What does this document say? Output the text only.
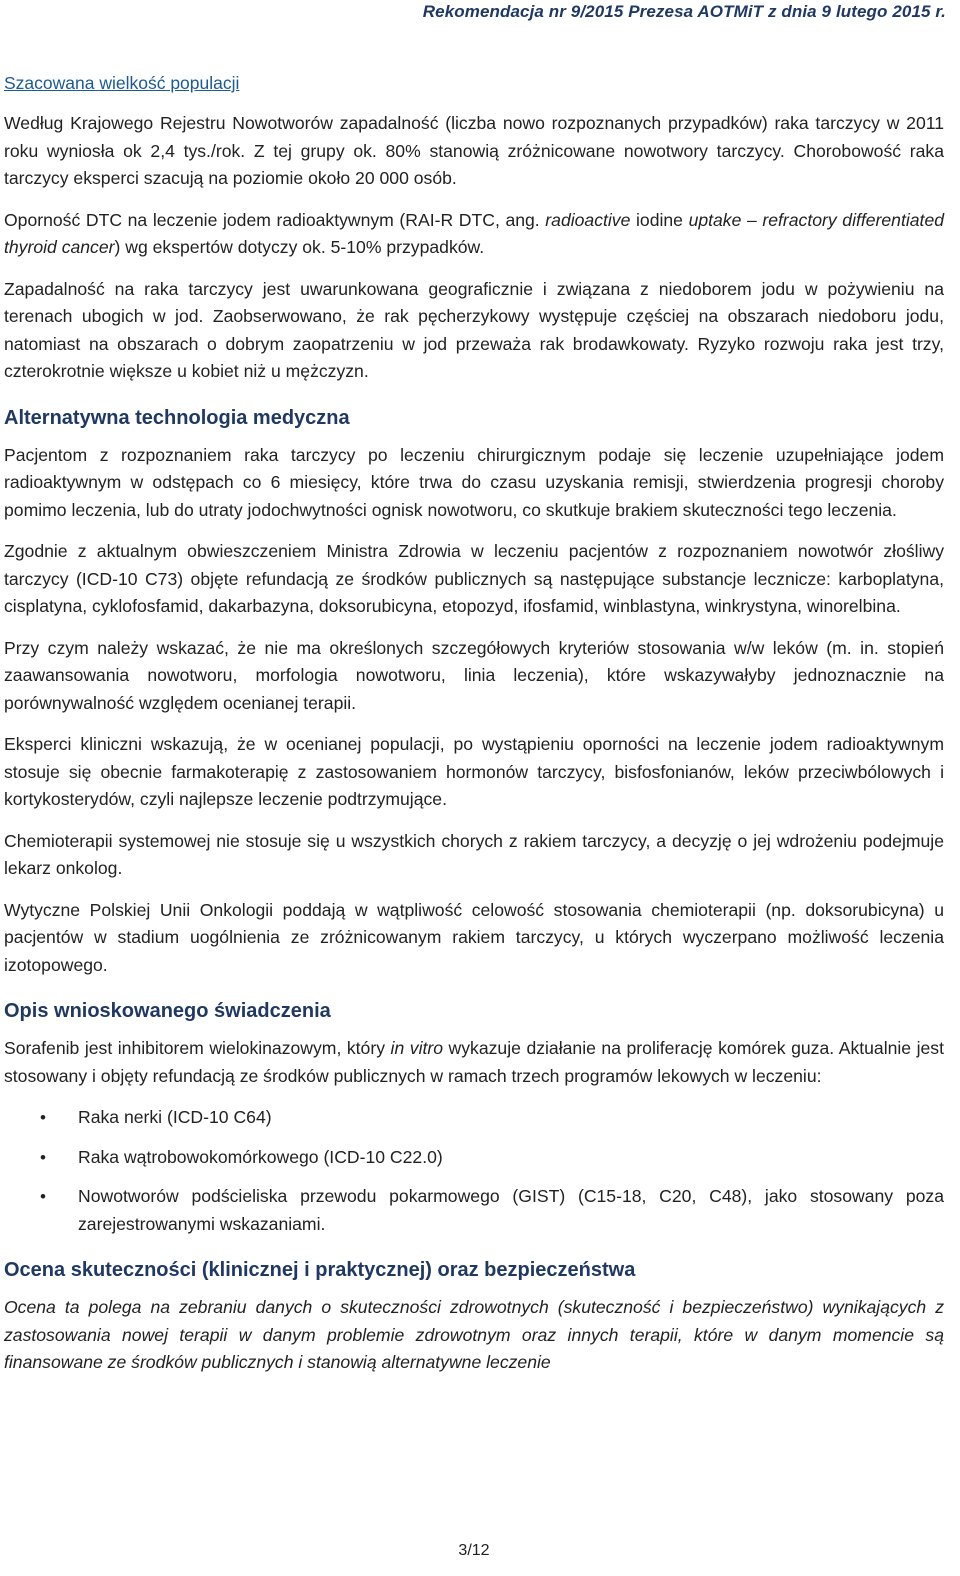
Rekomendacja nr 9/2015 Prezesa AOTMiT z dnia 9 lutego 2015 r.
Szacowana wielkość populacji

Według Krajowego Rejestru Nowotworów zapadalność (liczba nowo rozpoznanych przypadków) raka tarczycy w 2011 roku wyniosła ok 2,4 tys./rok. Z tej grupy ok. 80% stanowią zróżnicowane nowotwory tarczycy. Chorobowość raka tarczycy eksperci szacują na poziomie około 20 000 osób.

Oporność DTC na leczenie jodem radioaktywnym (RAI-R DTC, ang. radioactive iodine uptake – refractory differentiated thyroid cancer) wg ekspertów dotyczy ok. 5-10% przypadków.

Zapadalność na raka tarczycy jest uwarunkowana geograficznie i związana z niedoborem jodu w pożywieniu na terenach ubogich w jod. Zaobserwowano, że rak pęcherzykowy występuje częściej na obszarach niedoboru jodu, natomiast na obszarach o dobrym zaopatrzeniu w jod przeważa rak brodawkowaty. Ryzyko rozwoju raka jest trzy, czterokrotnie większe u kobiet niż u mężczyzn.

Alternatywna technologia medyczna

Pacjentom z rozpoznaniem raka tarczycy po leczeniu chirurgicznym podaje się leczenie uzupełniające jodem radioaktywnym w odstępach co 6 miesięcy, które trwa do czasu uzyskania remisji, stwierdzenia progresji choroby pomimo leczenia, lub do utraty jodochwytności ognisk nowotworu, co skutkuje brakiem skuteczności tego leczenia.

Zgodnie z aktualnym obwieszczeniem Ministra Zdrowia w leczeniu pacjentów z rozpoznaniem nowotwór złośliwy tarczycy (ICD-10 C73) objęte refundacją ze środków publicznych są następujące substancje lecznicze: karboplatyna, cisplatyna, cyklofosfamid, dakarbazyna, doksorubicyna, etopozyd, ifosfamid, winblastyna, winkrystyna, winorelbina.

Przy czym należy wskazać, że nie ma określonych szczegółowych kryteriów stosowania w/w leków (m. in. stopień zaawansowania nowotworu, morfologia nowotworu, linia leczenia), które wskazywałyby jednoznacznie na porównywalność względem ocenianej terapii.

Eksperci kliniczni wskazują, że w ocenianej populacji, po wystąpieniu oporności na leczenie jodem radioaktywnym stosuje się obecnie farmakoterapię z zastosowaniem hormonów tarczycy, bisfosfonianów, leków przeciwbólowych i kortykosterydów, czyli najlepsze leczenie podtrzymujące.

Chemioterapii systemowej nie stosuje się u wszystkich chorych z rakiem tarczycy, a decyzję o jej wdrożeniu podejmuje lekarz onkolog.

Wytyczne Polskiej Unii Onkologii poddają w wątpliwość celowość stosowania chemioterapii (np. doksorubicyna) u pacjentów w stadium uogólnienia ze zróżnicowanym rakiem tarczycy, u których wyczerpano możliwość leczenia izotopowego.

Opis wnioskowanego świadczenia

Sorafenib jest inhibitorem wielokinazowym, który in vitro wykazuje działanie na proliferację komórek guza. Aktualnie jest stosowany i objęty refundacją ze środków publicznych w ramach trzech programów lekowych w leczeniu:

• Raka nerki (ICD-10 C64)
• Raka wątrobowokomórkowego (ICD-10 C22.0)
• Nowotworów podścieliska przewodu pokarmowego (GIST) (C15-18, C20, C48), jako stosowany poza zarejestrowanymi wskazaniami.
Ocena skuteczności (klinicznej i praktycznej) oraz bezpieczeństwa

Ocena ta polega na zebraniu danych o skuteczności zdrowotnych (skuteczność i bezpieczeństwo) wynikających z zastosowania nowej terapii w danym problemie zdrowotnym oraz innych terapii, które w danym momencie są finansowane ze środków publicznych i stanowią alternatywne leczenie

3/12
